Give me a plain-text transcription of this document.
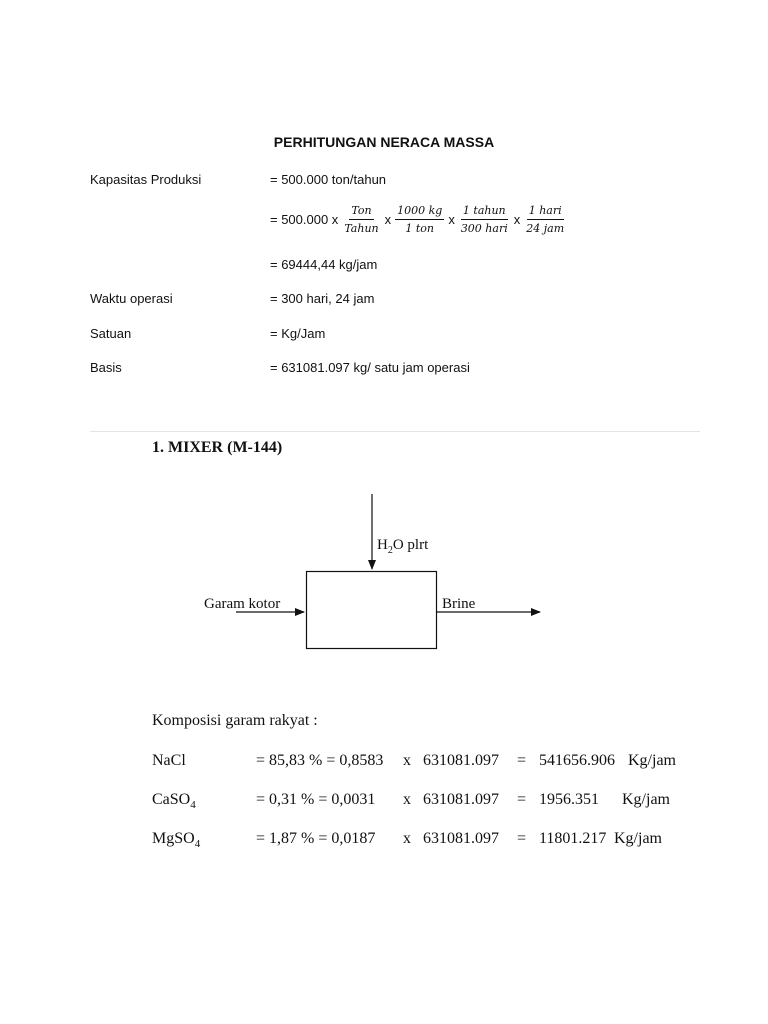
PERHITUNGAN NERACA MASSA
Kapasitas Produksi	= 500.000 ton/tahun
= 500.000 x $\frac{\text{Ton}}{\text{Tahun}}$ x $\frac{1000 kg}{\text{1 ton}}$ x $\frac{\text{1 tahun}}{\text{300 hari}}$ x $\frac{\text{1 hari}}{\text{24 jam}}$
= 69444,44 kg/jam
Waktu operasi	= 300 hari, 24 jam
Satuan	= Kg/Jam
Basis	= 631081.097 kg/ satu jam operasi
1. MIXER (M-144)
$H_2O$ plrt
Garam kotor	Brine
Komposisi garam rakyat :
NaCl	= 85,83 % = 0,8583 x 631081.097 = 541656.906 Kg/jam
CaSO$_4$	= 0,31 % = 0,0031 x 631081.097 = 1956.351 Kg/jam
MgSO$_4$	= 1,87 % = 0,0187 x 631081.097 = 11801.217 Kg/jam
